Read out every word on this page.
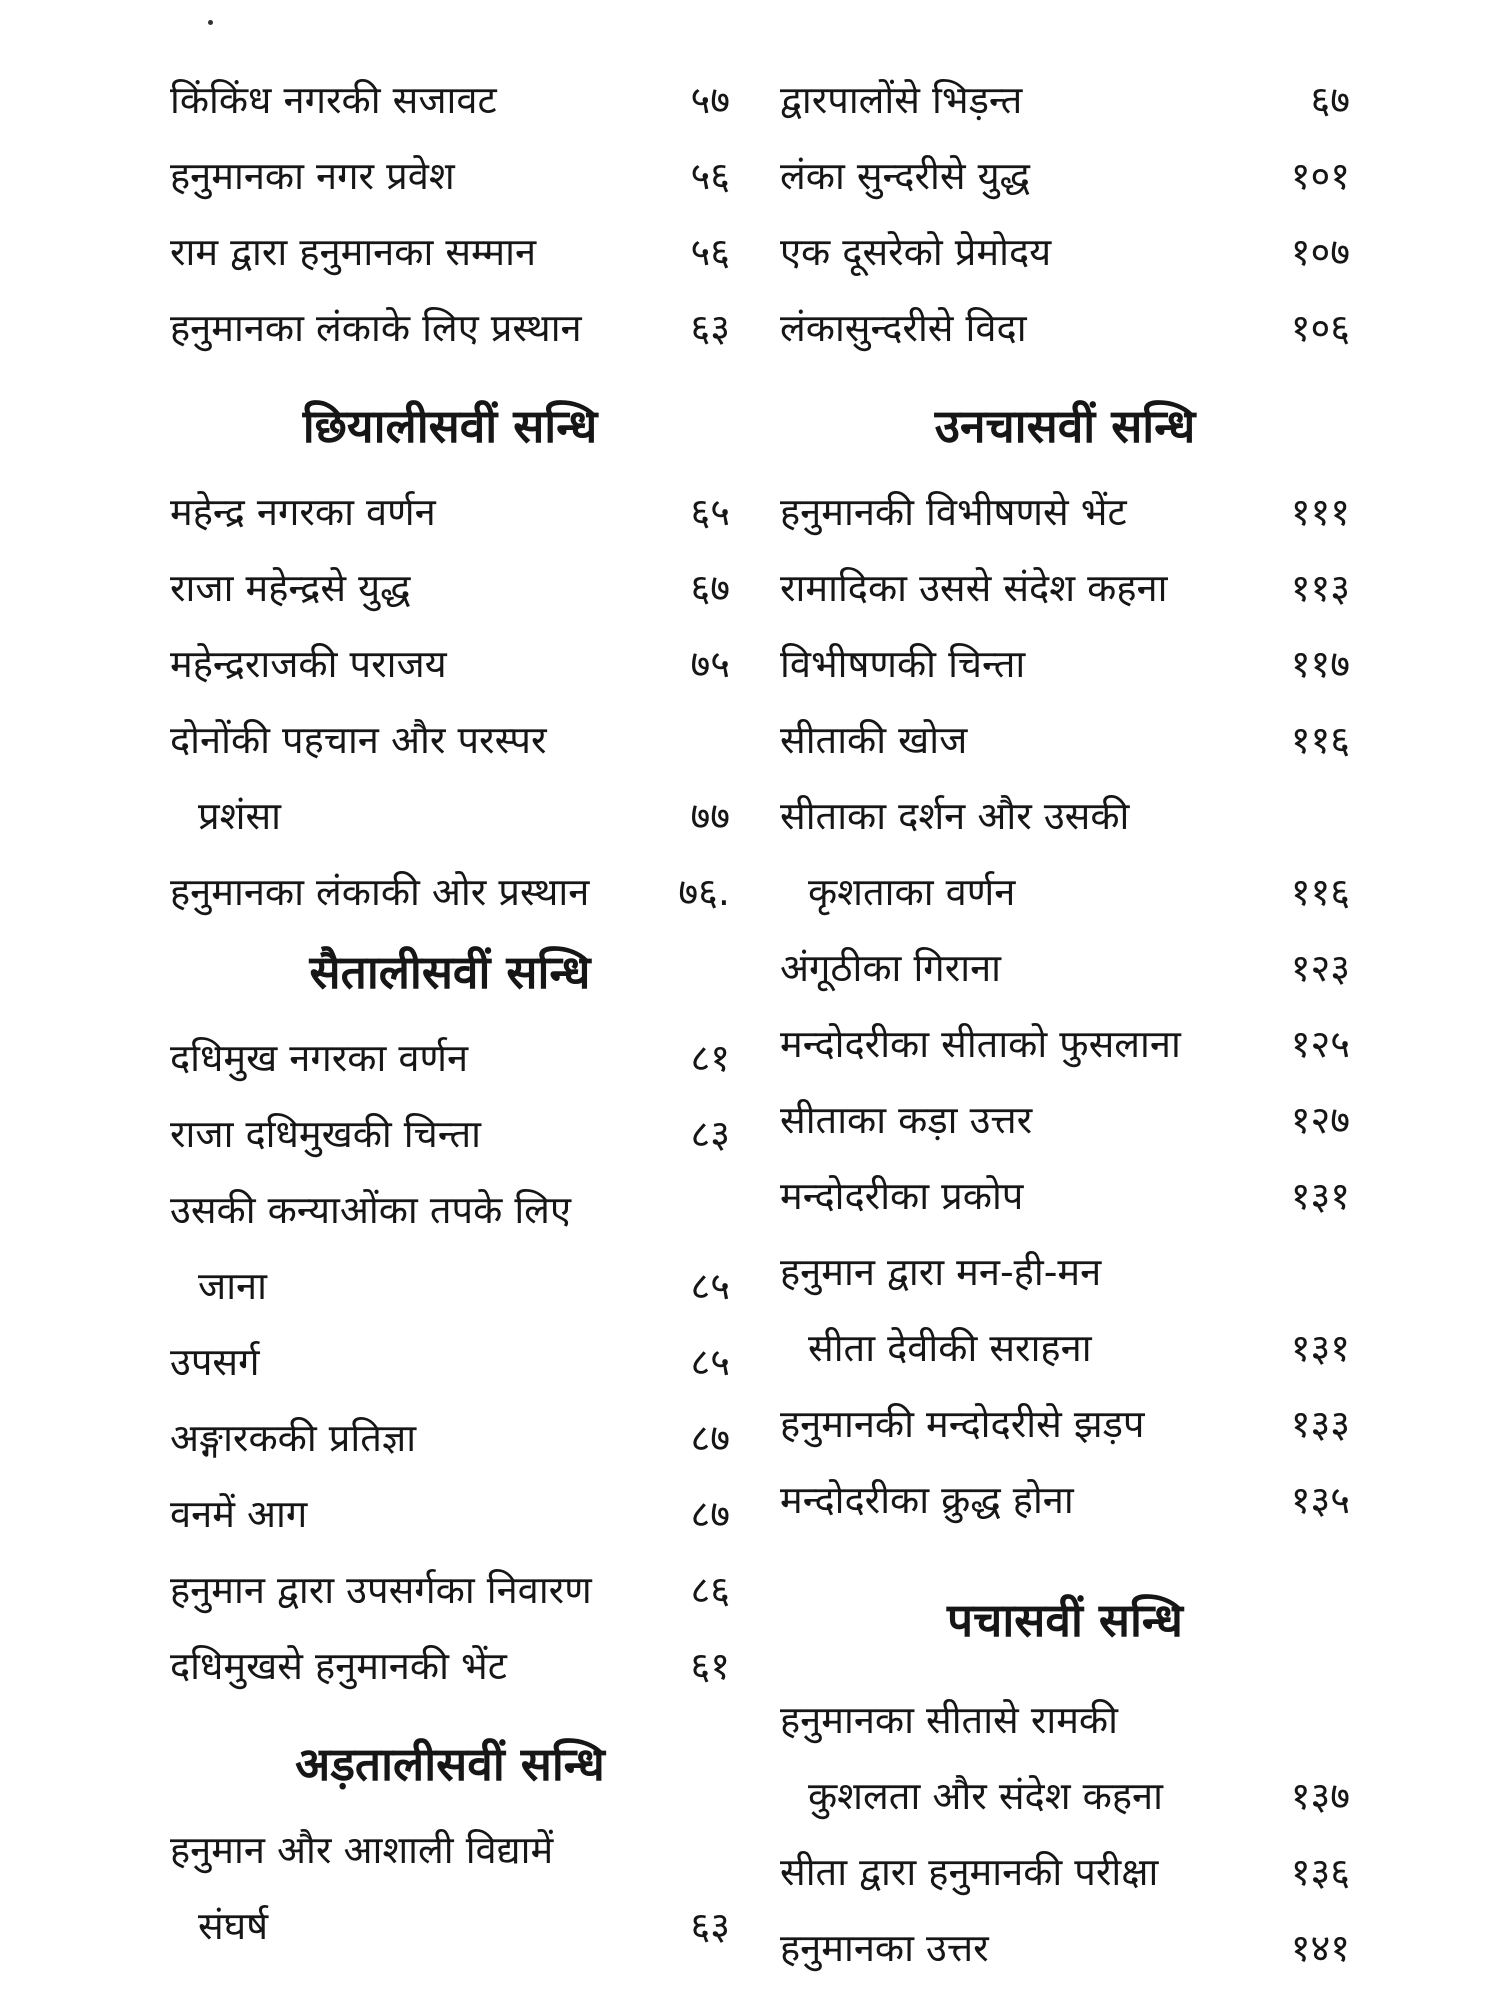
किंकिंध नगरकी सजावट	५७
हनुमानका नगर प्रवेश	५६
राम द्वारा हनुमानका सम्मान	५६
हनुमानका लंकाके लिए प्रस्थान	६३
छियालीसवीं सन्धि
महेन्द्र नगरका वर्णन	६५
राजा महेन्द्रसे युद्ध	६७
महेन्द्रराजकी पराजय	७५
दोनोंकी पहचान और परस्पर
प्रशंसा	७७
हनुमानका लंकाकी ओर प्रस्थान	७६.
सैतालीसवीं सन्धि
दधिमुख नगरका वर्णन	८१
राजा दधिमुखकी चिन्ता	८३
उसकी कन्याओंका तपके लिए
जाना	८५
उपसर्ग	८५
अङ्गारककी प्रतिज्ञा	८७
वनमें आग	८७
हनुमान द्वारा उपसर्गका निवारण	८६
दधिमुखसे हनुमानकी भेंट	६१
अड़तालीसवीं सन्धि
हनुमान और आशाली विद्यामें
संघर्ष	६३
द्वारपालोंसे भिड़न्त	६७
लंका सुन्दरीसे युद्ध	१०१
एक दूसरेको प्रेमोदय	१०७
लंकासुन्दरीसे विदा	१०६
उनचासवीं सन्धि
हनुमानकी विभीषणसे भेंट	१११
रामादिका उससे संदेश कहना	११३
विभीषणकी चिन्ता	११७
सीताकी खोज	११६
सीताका दर्शन और उसकी
कृशताका वर्णन	११६
अंगूठीका गिराना	१२३
मन्दोदरीका सीताको फुसलाना	१२५
सीताका कड़ा उत्तर	१२७
मन्दोदरीका प्रकोप	१३१
हनुमान द्वारा मन-ही-मन
सीता देवीकी सराहना	१३१
हनुमानकी मन्दोदरीसे झड़प	१३३
मन्दोदरीका क्रुद्ध होना	१३५
पचासवीं सन्धि
हनुमानका सीतासे रामकी
कुशलता और संदेश कहना	१३७
सीता द्वारा हनुमानकी परीक्षा	१३६
हनुमानका उत्तर	१४१
